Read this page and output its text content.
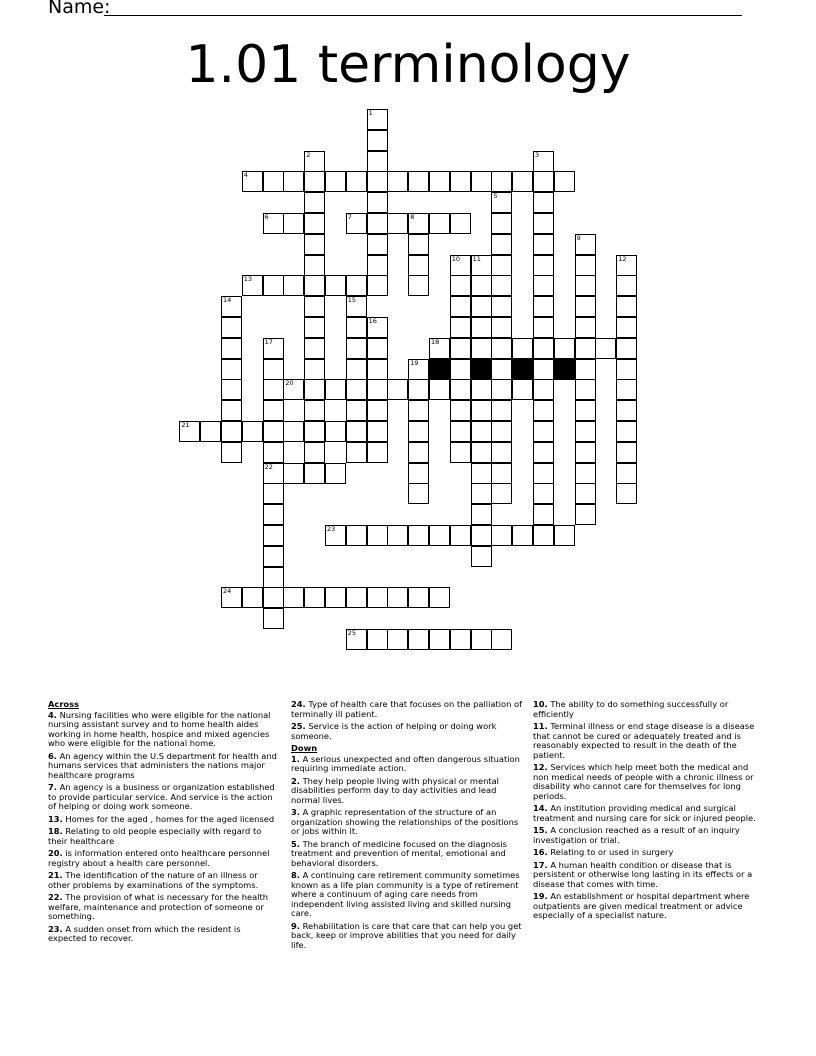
Name:
1.01 terminology
1
2	3
4
5
6	7	8
9
10 11	12
13
14	15
16
17
22
18
19
20
21
23
24
25
Across
4. Nursing facilities who were eligible for the national nursing assistant survey and to home health aides working in home health, hospice and mixed agencies who were eligible for the national home.
6. An agency within the U.S department for health and humans services that administers the nations major healthcare programs
7. An agency is a business or organization established to provide particular service. And service is the action of helping or doing work someone.
13. Homes for the aged , homes for the aged licensed
18. Relating to old people especially with regard to their healthcare
20. is information entered onto healthcare personnel registry about a health care personnel.
21. The identification of the nature of an illness or other problems by examinations of the symptoms.
22. The provision of what is necessary for the health welfare, maintenance and protection of someone or something.
23. A sudden onset from which the resident is expected to recover.
24. Type of health care that focuses on the palliation of terminally ill patient.
25. Service is the action of helping or doing work someone.
Down
1. A serious unexpected and often dangerous situation requiring immediate action.
2. They help people living with physical or mental disabilities perform day to day activities and lead normal lives.
3. A graphic representation of the structure of an organization showing the relationships of the positions or jobs within it.
5. The branch of medicine focused on the diagnosis treatment and prevention of mental, emotional and behavioral disorders.
8. A continuing care retirement community sometimes known as a life plan community is a type of retirement where a continuum of aging care needs from independent living assisted living and skilled nursing care.
9. Rehabilitation is care that care that can help you get back, keep or improve abilities that you need for daily life.
10. The ability to do something successfully or efficiently
11. Terminal illness or end stage disease is a disease that cannot be cured or adequately treated and is reasonably expected to result in the death of the patient.
12. Services which help meet both the medical and non medical needs of people with a chronic illness or disability who cannot care for themselves for long periods.
14. An institution providing medical and surgical treatment and nursing care for sick or injured people.
15. A conclusion reached as a result of an inquiry investigation or trial.
16. Relating to or used in surgery
17. A human health condition or disease that is persistent or otherwise long lasting in its effects or a disease that comes with time.
19. An establishment or hospital department where outpatients are given medical treatment or advice especially of a specialist nature.
